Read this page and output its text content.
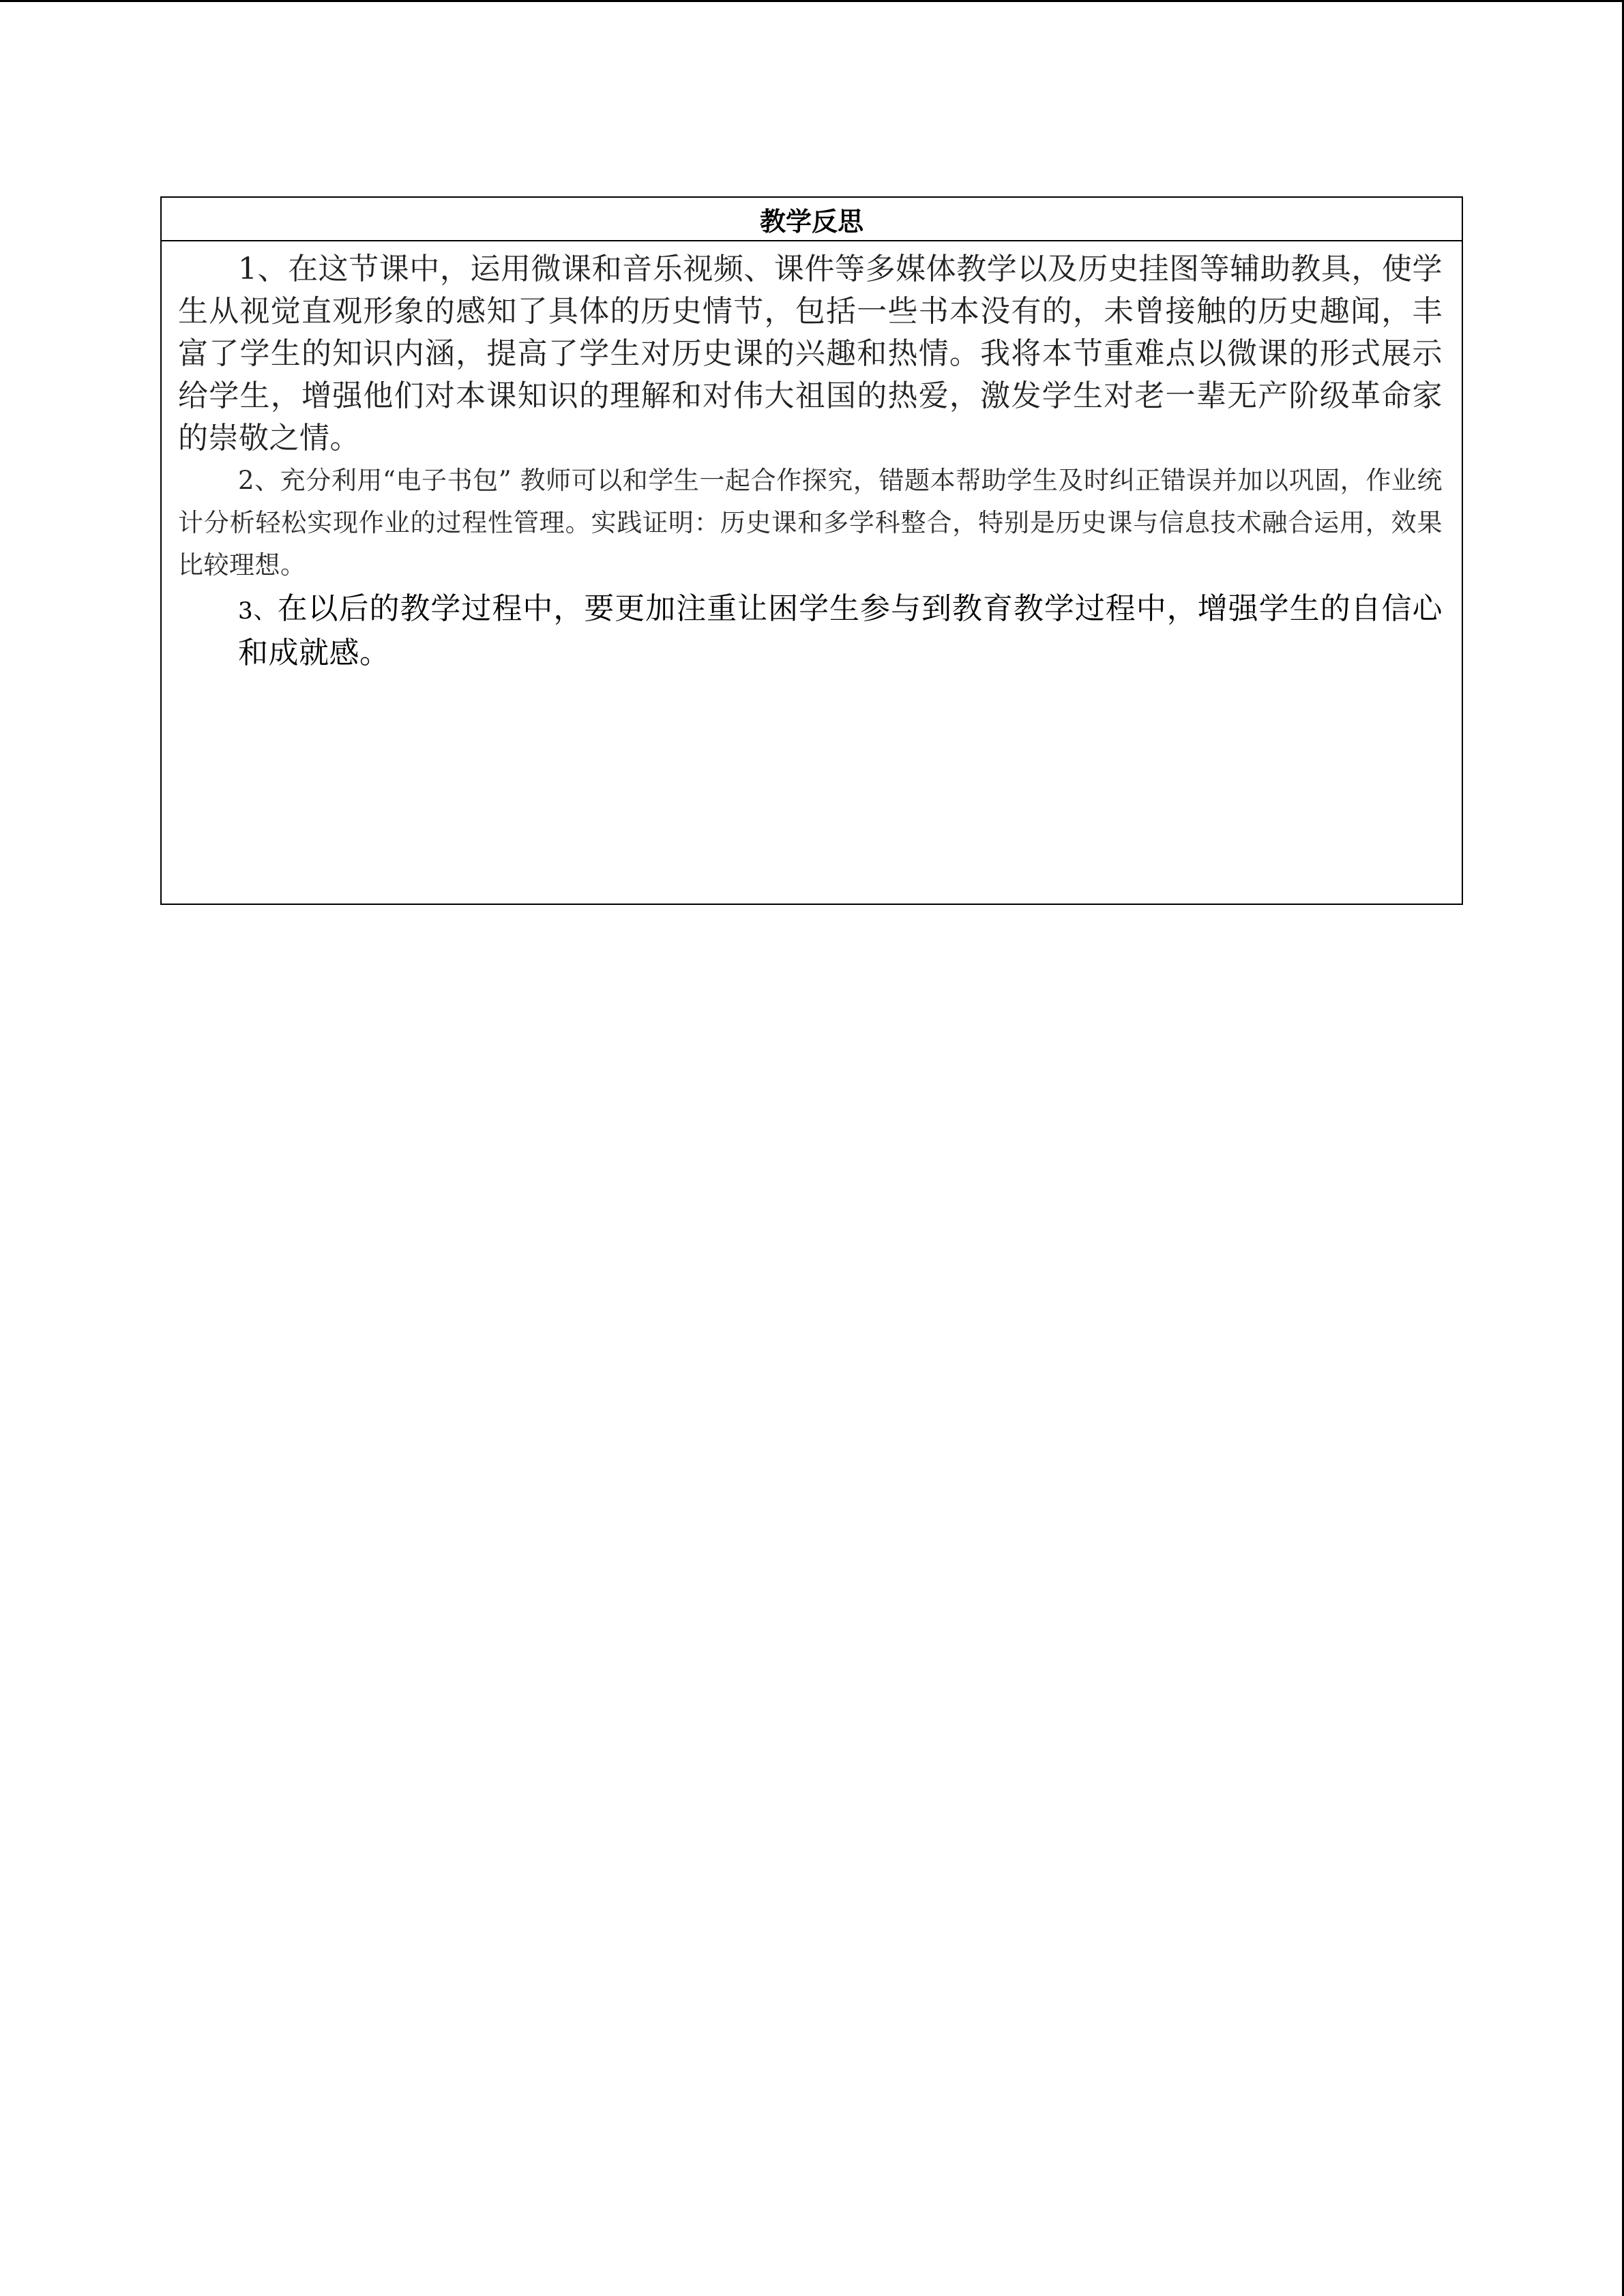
教学反思

1、在这节课中，运用微课和音乐视频、课件等多媒体教学以及历史挂图等辅助教具，使学生从视觉直观形象的感知了具体的历史情节，包括一些书本没有的，未曾接触的历史趣闻，丰富了学生的知识内涵，提高了学生对历史课的兴趣和热情。我将本节重难点以微课的形式展示给学生，增强他们对本课知识的理解和对伟大祖国的热爱，激发学生对老一辈无产阶级革命家的崇敬之情。

2、充分利用“电子书包” 教师可以和学生一起合作探究，错题本帮助学生及时纠正错误并加以巩固，作业统计分析轻松实现作业的过程性管理。实践证明：历史课和多学科整合，特别是历史课与信息技术融合运用，效果比较理想。

3、在以后的教学过程中，要更加注重让困学生参与到教育教学过程中，增强学生的自信心和成就感。
